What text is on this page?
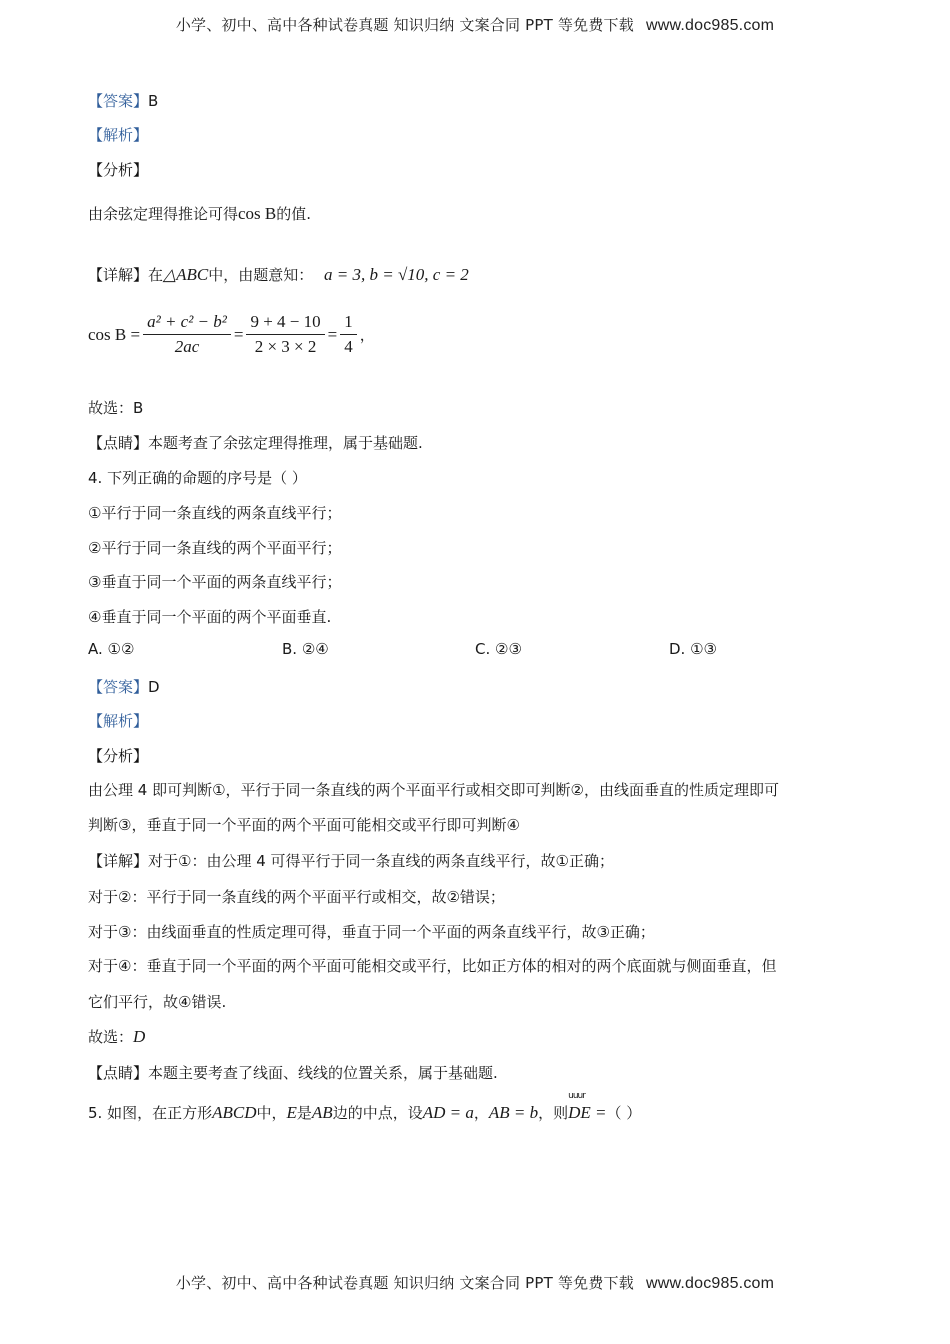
小学、初中、高中各种试卷真题 知识归纳 文案合同 PPT 等免费下载 www.doc985.com
小学、初中、高中各种试卷真题 知识归纳 文案合同 PPT 等免费下载 www.doc985.com
【答案】B
【解析】
【分析】
由余弦定理得推论可得cos B的值.
【详解】在△ABC中，由题意知： a = 3, b = √10, c = 2
$\cos B = \frac{\text{a² + c² − b²}}{2ac} = \frac{9 + 4 - 10}{2 \times 3 \times 2} = \frac{1}{4}$ ，
故选：B
【点睛】本题考查了余弦定理得推理，属于基础题.
4. 下列正确的命题的序号是（ ）
①平行于同一条直线的两条直线平行；
②平行于同一条直线的两个平面平行；
③垂直于同一个平面的两条直线平行；
④垂直于同一个平面的两个平面垂直.
A. ①②	B. ②④	C. ②③	D. ①③
【答案】D
【解析】
【分析】
由公理 4 即可判断①，平行于同一条直线的两个平面平行或相交即可判断②，由线面垂直的性质定理即可
判断③，垂直于同一个平面的两个平面可能相交或平行即可判断④
【详解】对于①：由公理 4 可得平行于同一条直线的两条直线平行，故①正确；
对于②：平行于同一条直线的两个平面平行或相交，故②错误；
对于③：由线面垂直的性质定理可得，垂直于同一个平面的两条直线平行，故③正确；
对于④：垂直于同一个平面的两个平面可能相交或平行，比如正方体的相对的两个底面就与侧面垂直，但
它们平行，故④错误.
故选：D
【点睛】本题主要考查了线面、线线的位置关系，属于基础题.
5. 如图，在正方形ABCD中，E是AB边的中点，设AD = a，AB = b，则
uuur
DE =（ ）
